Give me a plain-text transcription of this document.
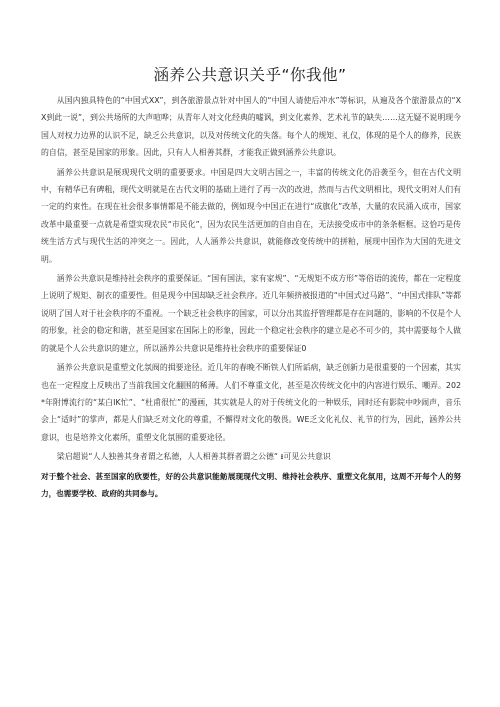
涵养公共意识关乎“你我他”

从国内独具特色的“中国式XX”，到各旅游景点针对中国人的“中国人请使后冲水”等标识，从遍及各个旅游景点的“XX到此一说”，到公共场所的大声喧哗；从青年人对文化经典的嘘讽，到文化素养、艺术礼节的缺失……这无疑不说明现今国人对权力边界的认识不足，缺乏公共意识，以及对传统文化的失落。每个人的规矩、礼仪，体现的是个人的修养，民族的自信，甚至是国家的形象。因此，只有人人相善其群，才能我正做到涵养公共意识。

涵养公共意识是展现现代文明的重要要求。中国是四大文明古国之一，丰富的传统文化仍沿袭至今，但在古代文明中，有精华已有碑粗，现代文明就是在古代文明的基础上进行了再一次的改进，然而与古代文明相比，现代文明对人们有一定的约束性。在现在社会很多事情都是不能去做的，例如现今中国正在进行“成旗化”改革，大量的农民涌入成市，国家改革中最重要一点就是希望实现农民“市民化”，因为农民生活更加的自由自在，无法接受成市中的条条框框。这恰巧是传统生活方式与现代生活的冲突之一。因此，人人涵养公共意识，就能修改变传统中的拼粕，展现中国作为大国的先进文明。

涵养公共意识是维持社会秩序的重要保证。“国有国法，家有家规”、“无规矩不成方形”等俗语的流传，都在一定程度上说明了规矩、制衣的重要性。但是现今中国却缺乏社会秩序。近几年频挤被报道的“中国式过马路”、“中国式排队”等都说明了国人对于社会秩序的不重视。一个缺乏社会秩序的国家，可以分出其监抒管理都是存在问题的，影响的不仅是个人的形象，社会的稳定和谐，甚至是国家在国际上的形象，因此一个稳定社会秩序的建立是必不可少的，其中需要每个人做的就是个人公共意识的建立，所以涵养公共意识是维持社会秩序的重要保证0

涵养公共意识是重塑文化氛阀的揖要途径。近几年的春晚不断铁人们所诟病，缺乏创新力是很重要的一个因素，其实也在一定程度上反映出了当前我国文化翻围的稀薄。人们不尊重文化，甚至是次传统文化中的内容进行娱乐、嘲弄。202*年附博流行的“某白IK忙”、“杜甫很忙”的漫画，其实就是人的对于传统文化的一种娱乐，同时还有影院中吵闹声，音乐会上“适时”的掌声，都是人们缺乏对文化的尊重，不懈得对文化的敬畏。WE乏文化礼仪、礼节的行为，因此，涵养公共意识，也是培养文化素所，重塑文化氛围的重要途径。

梁启超说“人人独善其身者谓之私德，人人相善其群者谓之公德“ ᵻ可见公共意识

对于整个社会、甚至国家的欣要性，好的公共意识能鲂展现现代文明、维持社会秩序、重塑文化氛用，这周不开每个人的努力，也需要学校、政府的共同参与。
